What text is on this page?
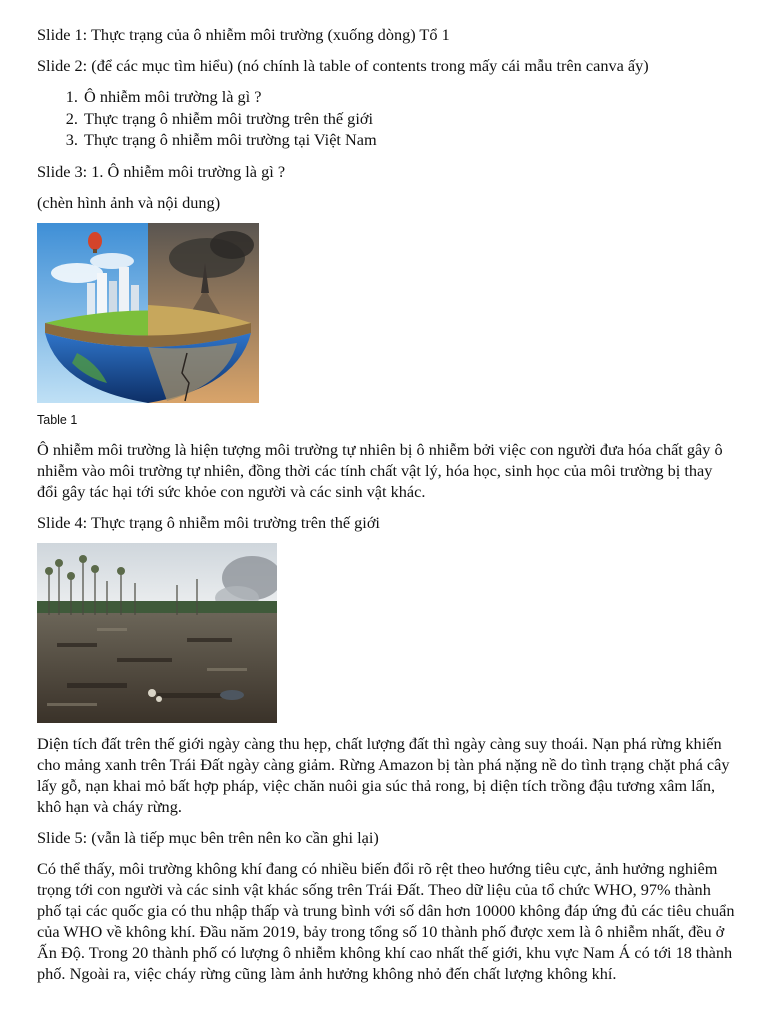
Slide 1: Thực trạng của ô nhiễm môi trường (xuống dòng) Tổ 1

Slide 2: (để các mục tìm hiểu) (nó chính là table of contents trong mấy cái mẫu trên canva ấy)

1. Ô nhiễm môi trường là gì ?
2. Thực trạng ô nhiễm môi trường trên thế giới
3. Thực trạng ô nhiễm môi trường tại Việt Nam

Slide 3: 1. Ô nhiễm môi trường là gì ?

(chèn hình ảnh và nội dung)

Table 1

Ô nhiễm môi trường là hiện tượng môi trường tự nhiên bị ô nhiễm bởi việc con người đưa hóa chất gây ô nhiễm vào môi trường tự nhiên, đồng thời các tính chất vật lý, hóa học, sinh học của môi trường bị thay đổi gây tác hại tới sức khỏe con người và các sinh vật khác.

Slide 4: Thực trạng ô nhiễm môi trường trên thế giới

Diện tích đất trên thế giới ngày càng thu hẹp, chất lượng đất thì ngày càng suy thoái. Nạn phá rừng khiến cho mảng xanh trên Trái Đất ngày càng giảm. Rừng Amazon bị tàn phá nặng nề do tình trạng chặt phá cây lấy gỗ, nạn khai mỏ bất hợp pháp, việc chăn nuôi gia súc thả rong, bị diện tích trồng đậu tương xâm lấn, khô hạn và cháy rừng.

Slide 5: (vẫn là tiếp mục bên trên nên ko cần ghi lại)

Có thể thấy, môi trường không khí đang có nhiều biến đổi rõ rệt theo hướng tiêu cực, ảnh hưởng nghiêm trọng tới con người và các sinh vật khác sống trên Trái Đất. Theo dữ liệu của tổ chức WHO, 97% thành phố tại các quốc gia có thu nhập thấp và trung bình với số dân hơn 10000 không đáp ứng đủ các tiêu chuẩn của WHO về không khí. Đầu năm 2019, bảy trong tổng số 10 thành phố được xem là ô nhiễm nhất, đều ở Ấn Độ. Trong 20 thành phố có lượng ô nhiễm không khí cao nhất thế giới, khu vực Nam Á có tới 18 thành phố. Ngoài ra, việc cháy rừng cũng làm ảnh hưởng không nhỏ đến chất lượng không khí.
